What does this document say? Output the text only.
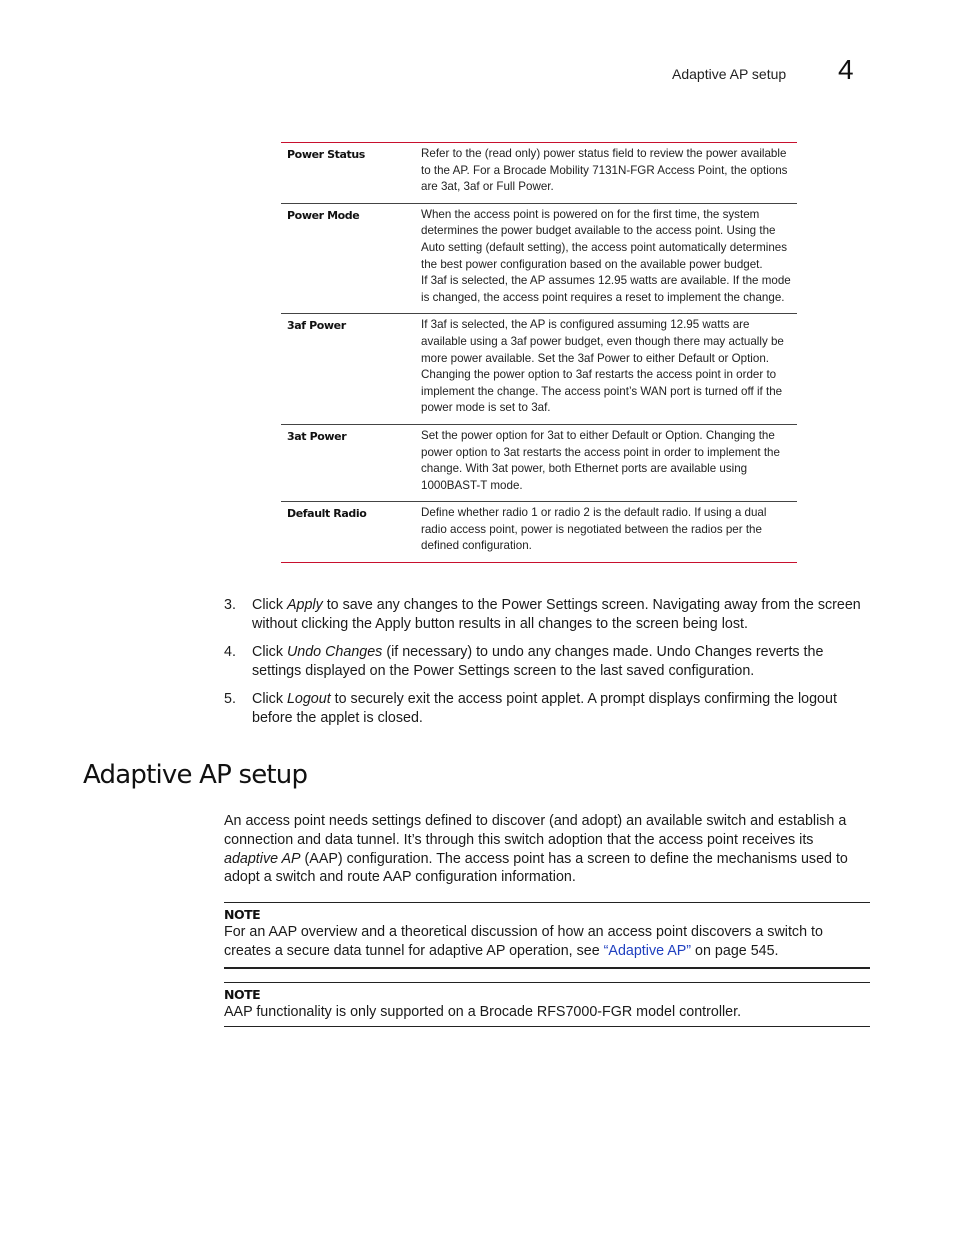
Adaptive AP setup 4
Power Status	Refer to the (read only) power status field to review the power available to the AP. For a Brocade Mobility 7131N-FGR Access Point, the options are 3at, 3af or Full Power.

Power Mode	When the access point is powered on for the first time, the system determines the power budget available to the access point. Using the Auto setting (default setting), the access point automatically determines the best power configuration based on the available power budget.

If 3af is selected, the AP assumes 12.95 watts are available. If the mode is changed, the access point requires a reset to implement the change.

3af Power	If 3af is selected, the AP is configured assuming 12.95 watts are available using a 3af power budget, even though there may actually be more power available. Set the 3af Power to either Default or Option. Changing the power option to 3af restarts the access point in order to implement the change. The access point’s WAN port is turned off if the power mode is set to 3af.

3at Power	Set the power option for 3at to either Default or Option. Changing the power option to 3at restarts the access point in order to implement the change. With 3at power, both Ethernet ports are available using 1000BAST-T mode.

Default Radio	Define whether radio 1 or radio 2 is the default radio. If using a dual radio access point, power is negotiated between the radios per the defined configuration.

3. Click Apply to save any changes to the Power Settings screen. Navigating away from the screen without clicking the Apply button results in all changes to the screen being lost.
4. Click Undo Changes (if necessary) to undo any changes made. Undo Changes reverts the settings displayed on the Power Settings screen to the last saved configuration.
5. Click Logout to securely exit the access point applet. A prompt displays confirming the logout before the applet is closed.
Adaptive AP setup

An access point needs settings defined to discover (and adopt) an available switch and establish a connection and data tunnel. It’s through this switch adoption that the access point receives its adaptive AP (AAP) configuration. The access point has a screen to define the mechanisms used to adopt a switch and route AAP configuration information.

NOTE

For an AAP overview and a theoretical discussion of how an access point discovers a switch to creates a secure data tunnel for adaptive AP operation, see “Adaptive AP” on page 545.

NOTE

AAP functionality is only supported on a Brocade RFS7000-FGR model controller.
